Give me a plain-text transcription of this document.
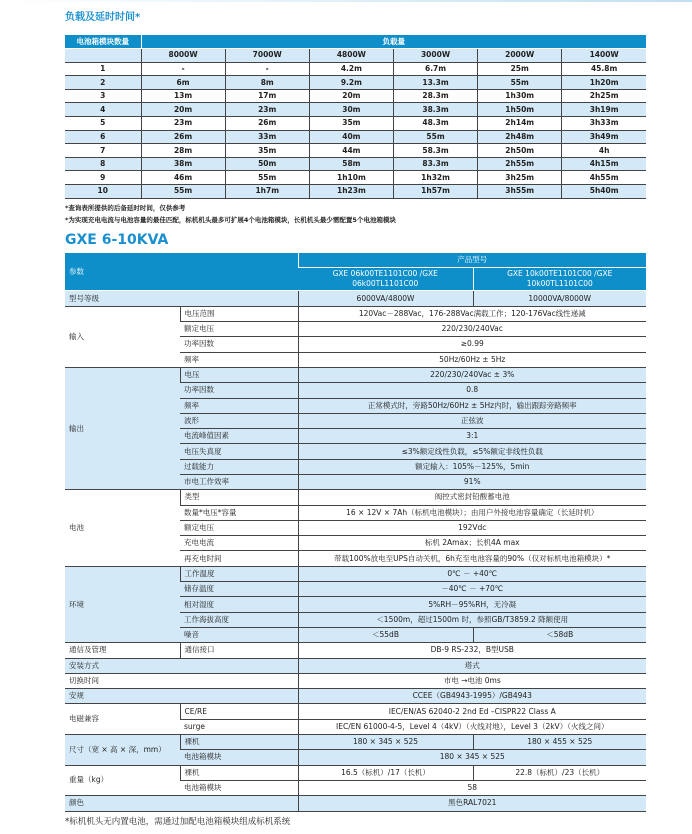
负载及延时时间*
电池箱模块数量	负载量					
	8000W	7000W	4800W	3000W	2000W	1400W
1	-	-	4.2m	6.7m	25m	45.8m
2	6m	8m	9.2m	13.3m	55m	1h20m
3	13m	17m	20m	28.3m	1h30m	2h25m
4	20m	23m	30m	38.3m	1h50m	3h19m
5	23m	26m	35m	48.3m	2h14m	3h33m
6	26m	33m	40m	55m	2h48m	3h49m
7	28m	35m	44m	58.3m	2h50m	4h
8	38m	50m	58m	83.3m	2h55m	4h15m
9	46m	55m	1h10m	1h32m	3h25m	4h55m
10	55m	1h7m	1h23m	1h57m	3h55m	5h40m
*查询表所提供的后备延时时间，仅供参考
*为实现充电电流与电池容量的最佳匹配，标机机头最多可扩展4个电池箱模块，长机机头最少需配置5个电池箱模块
GXE 6-10KVA
参数		产品型号	
		GXE 06k00TE1101C00 /GXE 06k00TL1101C00	GXE 10k00TE1101C00 /GXE 10k00TL1101C00
型号等级		6000VA/4800W	10000VA/8000W
输入	电压范围	120Vac－288Vac，176-288Vac满载工作；120-176Vac线性递减	
	额定电压	220/230/240Vac	
	功率因数	≥0.99	
	频率	50Hz/60Hz ± 5Hz	
输出	电压	220/230/240Vac ± 3%	
	功率因数	0.8	
	频率	正常模式时，旁路50Hz/60Hz ± 5Hz内时，输出跟踪旁路频率	
	波形	正弦波	
	电流峰值因素	3:1	
	电压失真度	≤3%额定线性负载，≤5%额定非线性负载	
	过载能力	额定输入：105%－125%，5min	
	市电工作效率	91%	
电池	类型	阀控式密封铅酸蓄电池	
	数量*电压*容量	16 × 12V × 7Ah（标机电池模块）；由用户外接电池容量确定（长延时机）	
	额定电压	192Vdc	
	充电电流	标机 2Amax；长机4A max	
	再充电时间	带载100%放电至UPS自动关机，6h充至电池容量的90%（仅对标机电池箱模块）*	
环境	工作温度	0℃ － +40℃	
	储存温度	－40℃ － +70℃	
	相对湿度	5%RH－95%RH，无冷凝	
	工作海拔高度	＜1500m，超过1500m 时，参照GB/T3859.2 降额使用	
	噪音	＜55dB	＜58dB
通信及管理	通信接口	DB-9 RS-232，B型USB	
安装方式		塔式	
切换时间		市电 →电池 0ms	
安规		CCEE（GB4943-1995）/GB4943	
电磁兼容	CE/RE	IEC/EN/AS 62040-2 2nd Ed –CISPR22 Class A	
	surge	IEC/EN 61000-4-5，Level 4（4kV）（火线对地），Level 3（2kV）（火线之间）	
尺寸（宽 × 高 × 深，mm）	裸机	180 × 345 × 525	180 × 455 × 525
	电池箱模块	180 × 345 × 525	
重量（kg）	裸机	16.5（标机）/17（长机）	22.8（标机）/23（长机）
	电池箱模块	58	
颜色		黑色RAL7021	
*标机机头无内置电池，需通过加配电池箱模块组成标机系统
